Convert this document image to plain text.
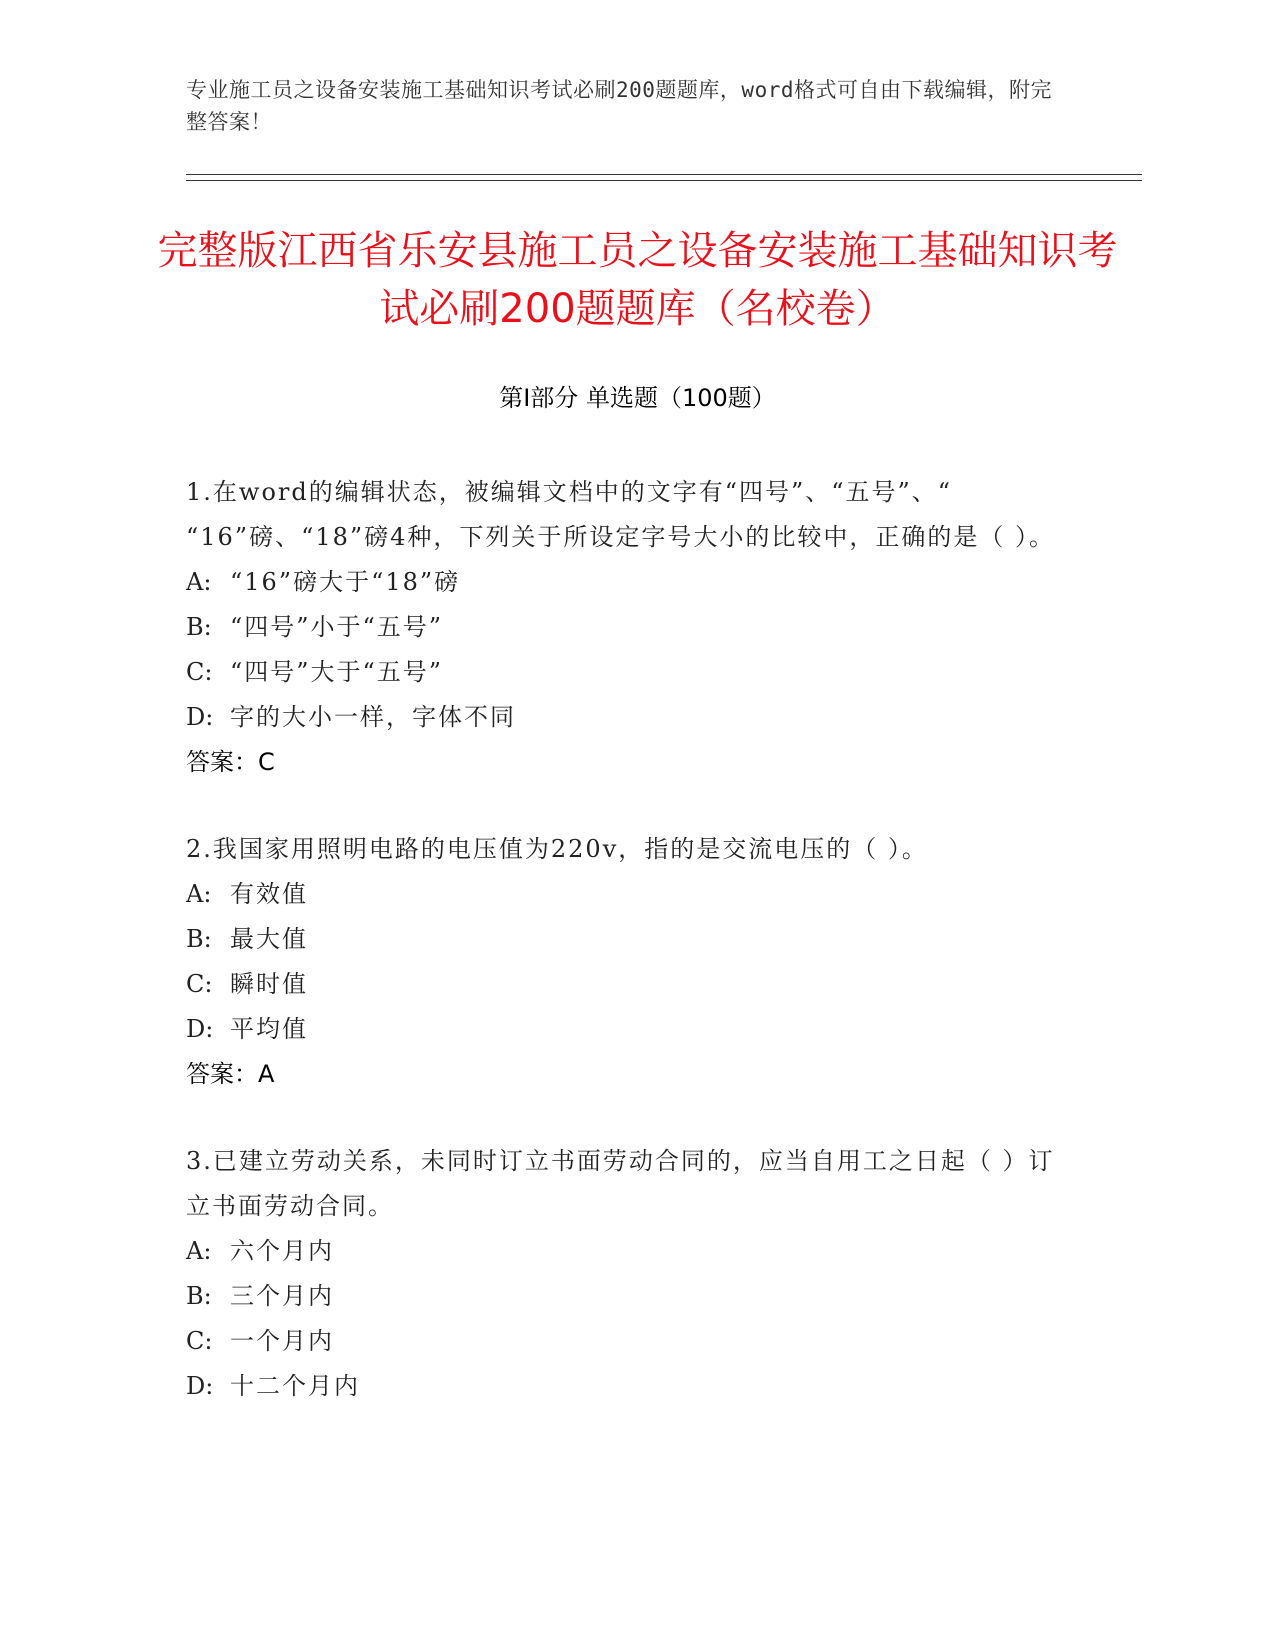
专业施工员之设备安装施工基础知识考试必刷200题题库，word格式可自由下载编辑，附完整答案！
完整版江西省乐安县施工员之设备安装施工基础知识考试必刷200题题库（名校卷）
第Ⅰ部分 单选题（100题）
1.在word的编辑状态，被编辑文档中的文字有“四号”、“五号”、“ “16”磅、“18”磅4种，下列关于所设定字号大小的比较中，正确的是（ ）。
A: “16”磅大于“18”磅
B: “四号”小于“五号”
C: “四号”大于“五号”
D: 字的大小一样，字体不同
答案：C
2.我国家用照明电路的电压值为220v，指的是交流电压的（ ）。
A: 有效值
B: 最大值
C: 瞬时值
D: 平均值
答案：A
3.已建立劳动关系，未同时订立书面劳动合同的，应当自用工之日起（ ）订立书面劳动合同。
A: 六个月内
B: 三个月内
C: 一个月内
D: 十二个月内
